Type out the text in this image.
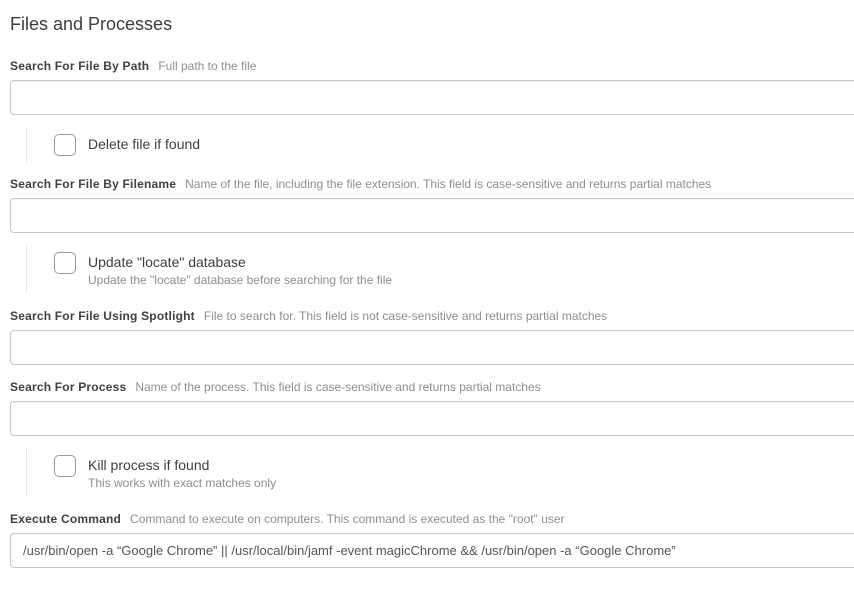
Files and Processes
Search For File By Path Full path to the file
Delete file if found
Search For File By Filename Name of the file, including the file extension. This field is case-sensitive and returns partial matches
Update "locate" database
Update the "locate" database before searching for the file
Search For File Using Spotlight File to search for. This field is not case-sensitive and returns partial matches
Search For Process Name of the process. This field is case-sensitive and returns partial matches
Kill process if found
This works with exact matches only
Execute Command Command to execute on computers. This command is executed as the "root" user
/usr/bin/open -a “Google Chrome” || /usr/local/bin/jamf -event magicChrome && /usr/bin/open -a “Google Chrome”
